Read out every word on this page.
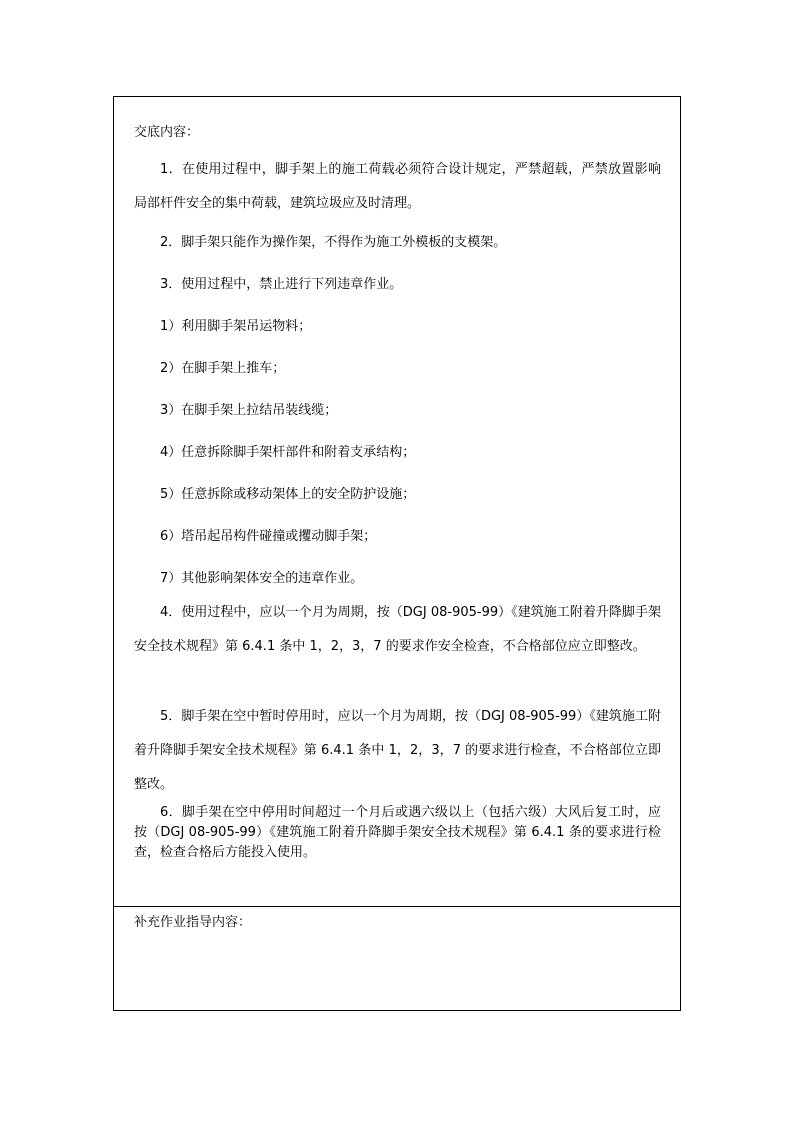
交底内容：

1．在使用过程中，脚手架上的施工荷载必须符合设计规定，严禁超载，严禁放置影响局部杆件安全的集中荷载，建筑垃圾应及时清理。

2．脚手架只能作为操作架，不得作为施工外模板的支模架。

3．使用过程中，禁止进行下列违章作业。

1）利用脚手架吊运物料；

2）在脚手架上推车；

3）在脚手架上拉结吊装线缆；

4）任意拆除脚手架杆部件和附着支承结构；

5）任意拆除或移动架体上的安全防护设施；

6）塔吊起吊构件碰撞或攫动脚手架；

7）其他影响架体安全的违章作业。

4．使用过程中，应以一个月为周期，按（DGJ 08-905-99）《建筑施工附着升降脚手架安全技术规程》第 6.4.1 条中 1，2，3，7 的要求作安全检查，不合格部位应立即整改。

5．脚手架在空中暂时停用时，应以一个月为周期，按（DGJ 08-905-99）《建筑施工附着升降脚手架安全技术规程》第 6.4.1 条中 1，2，3，7 的要求进行检查，不合格部位立即整改。

6．脚手架在空中停用时间超过一个月后或遇六级以上（包括六级）大风后复工时，应按（DGJ 08-905-99）《建筑施工附着升降脚手架安全技术规程》第 6.4.1 条的要求进行检查，检查合格后方能投入使用。

补充作业指导内容：
